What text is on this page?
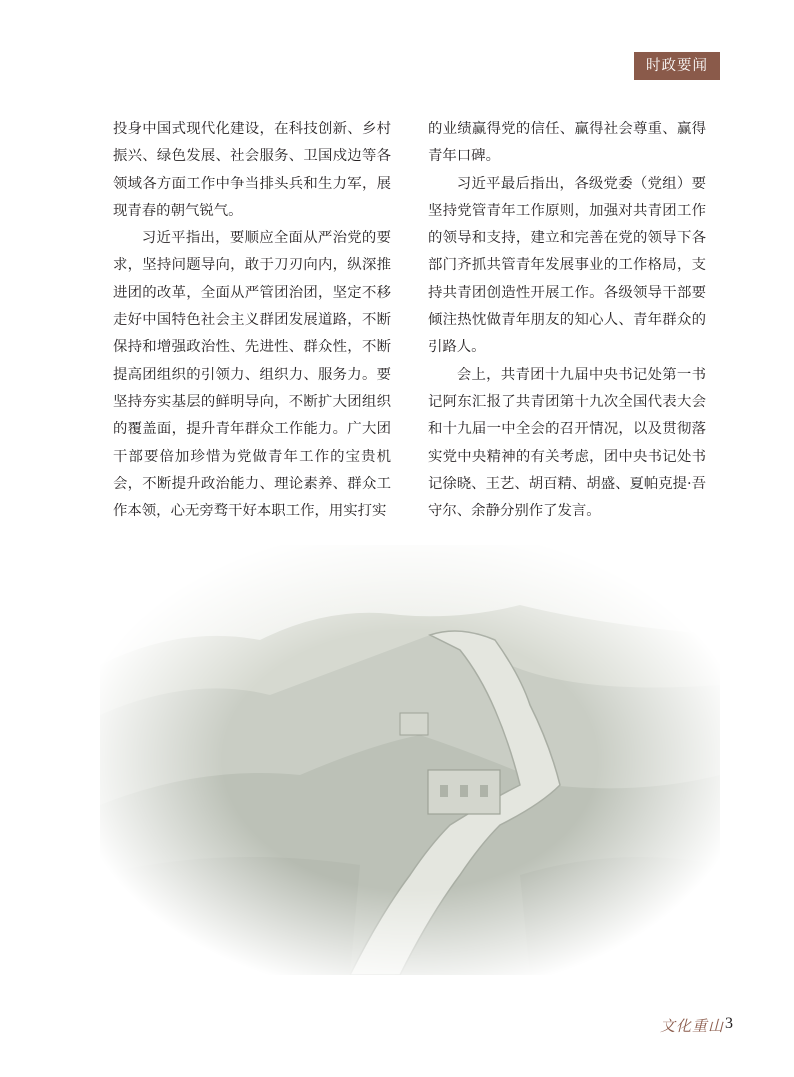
时政要闻

投身中国式现代化建设，在科技创新、乡村振兴、绿色发展、社会服务、卫国戍边等各领域各方面工作中争当排头兵和生力军，展现青春的朝气锐气。

习近平指出，要顺应全面从严治党的要求，坚持问题导向，敢于刀刃向内，纵深推进团的改革，全面从严管团治团，坚定不移走好中国特色社会主义群团发展道路，不断保持和增强政治性、先进性、群众性，不断提高团组织的引领力、组织力、服务力。要坚持夯实基层的鲜明导向，不断扩大团组织的覆盖面，提升青年群众工作能力。广大团干部要倍加珍惜为党做青年工作的宝贵机会，不断提升政治能力、理论素养、群众工作本领，心无旁骛干好本职工作，用实打实

的业绩赢得党的信任、赢得社会尊重、赢得青年口碑。

习近平最后指出，各级党委（党组）要坚持党管青年工作原则，加强对共青团工作的领导和支持，建立和完善在党的领导下各部门齐抓共管青年发展事业的工作格局，支持共青团创造性开展工作。各级领导干部要倾注热忱做青年朋友的知心人、青年群众的引路人。

会上，共青团十九届中央书记处第一书记阿东汇报了共青团第十九次全国代表大会和十九届一中全会的召开情况，以及贯彻落实党中央精神的有关考虑，团中央书记处书记徐晓、王艺、胡百精、胡盛、夏帕克提·吾守尔、余静分别作了发言。

文化重山 3
